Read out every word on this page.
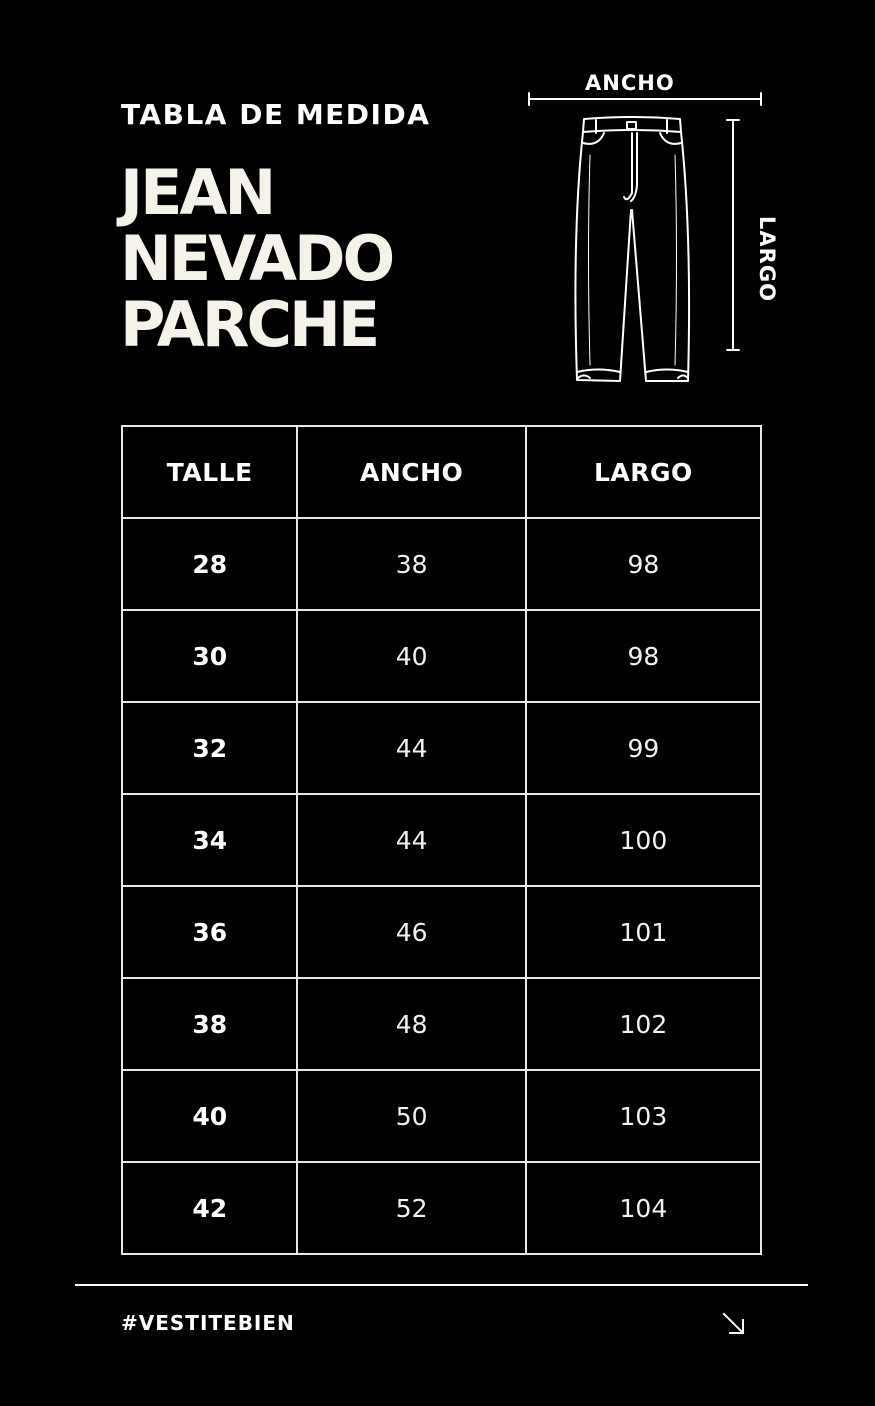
TABLA DE MEDIDA
JEAN
NEVADO
PARCHE
ANCHO
LARGO
TALLE	ANCHO	LARGO
28	38	98
30	40	98
32	44	99
34	44	100
36	46	101
38	48	102
40	50	103
42	52	104
#VESTITEBIEN
